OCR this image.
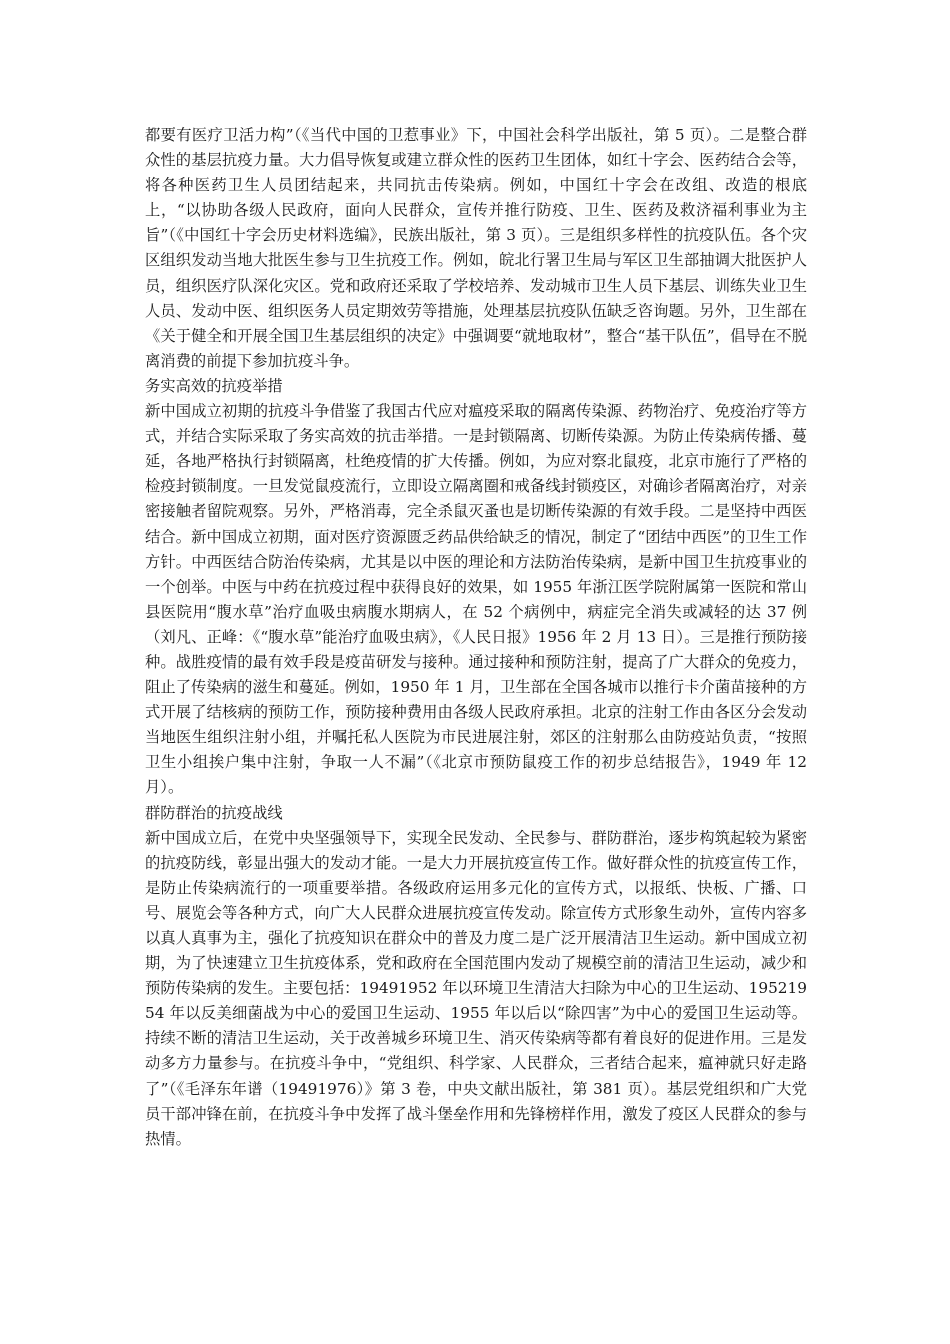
都要有医疗卫活力构”（《当代中国的卫惹事业》下，中国社会科学出版社，第 5 页）。二是整合群众性的基层抗疫力量。大力倡导恢复或建立群众性的医药卫生团体，如红十字会、医药结合会等，将各种医药卫生人员团结起来，共同抗击传染病。例如，中国红十字会在改组、改造的根底上，“以协助各级人民政府，面向人民群众，宣传并推行防疫、卫生、医药及救济福利事业为主旨”（《中国红十字会历史材料选编》，民族出版社，第 3 页）。三是组织多样性的抗疫队伍。各个灾区组织发动当地大批医生参与卫生抗疫工作。例如，皖北行署卫生局与军区卫生部抽调大批医护人员，组织医疗队深化灾区。党和政府还采取了学校培养、发动城市卫生人员下基层、训练失业卫生人员、发动中医、组织医务人员定期效劳等措施，处理基层抗疫队伍缺乏咨询题。另外，卫生部在《关于健全和开展全国卫生基层组织的决定》中强调要“就地取材”，整合“基干队伍”，倡导在不脱离消费的前提下参加抗疫斗争。

务实高效的抗疫举措

新中国成立初期的抗疫斗争借鉴了我国古代应对瘟疫采取的隔离传染源、药物治疗、免疫治疗等方式，并结合实际采取了务实高效的抗击举措。一是封锁隔离、切断传染源。为防止传染病传播、蔓延，各地严格执行封锁隔离，杜绝疫情的扩大传播。例如，为应对察北鼠疫，北京市施行了严格的检疫封锁制度。一旦发觉鼠疫流行，立即设立隔离圈和戒备线封锁疫区，对确诊者隔离治疗，对亲密接触者留院观察。另外，严格消毒，完全杀鼠灭蚤也是切断传染源的有效手段。二是坚持中西医结合。新中国成立初期，面对医疗资源匮乏药品供给缺乏的情况，制定了“团结中西医”的卫生工作方针。中西医结合防治传染病，尤其是以中医的理论和方法防治传染病，是新中国卫生抗疫事业的一个创举。中医与中药在抗疫过程中获得良好的效果，如 1955 年浙江医学院附属第一医院和常山县医院用“腹水草”治疗血吸虫病腹水期病人，在 52 个病例中，病症完全消失或减轻的达 37 例（刘凡、正峰：《“腹水草”能治疗血吸虫病》，《人民日报》1956 年 2 月 13 日）。三是推行预防接种。战胜疫情的最有效手段是疫苗研发与接种。通过接种和预防注射，提高了广大群众的免疫力，阻止了传染病的滋生和蔓延。例如，1950 年 1 月，卫生部在全国各城市以推行卡介菌苗接种的方式开展了结核病的预防工作，预防接种费用由各级人民政府承担。北京的注射工作由各区分会发动当地医生组织注射小组，并嘱托私人医院为市民进展注射，郊区的注射那么由防疫站负责，“按照卫生小组挨户集中注射，争取一人不漏”（《北京市预防鼠疫工作的初步总结报告》，1949 年 12 月）。

群防群治的抗疫战线

新中国成立后，在党中央坚强领导下，实现全民发动、全民参与、群防群治，逐步构筑起较为紧密的抗疫防线，彰显出强大的发动才能。一是大力开展抗疫宣传工作。做好群众性的抗疫宣传工作，是防止传染病流行的一项重要举措。各级政府运用多元化的宣传方式，以报纸、快板、广播、口号、展览会等各种方式，向广大人民群众进展抗疫宣传发动。除宣传方式形象生动外，宣传内容多以真人真事为主，强化了抗疫知识在群众中的普及力度二是广泛开展清洁卫生运动。新中国成立初期，为了快速建立卫生抗疫体系，党和政府在全国范围内发动了规模空前的清洁卫生运动，减少和预防传染病的发生。主要包括：19491952 年以环境卫生清洁大扫除为中心的卫生运动、19521954 年以反美细菌战为中心的爱国卫生运动、1955 年以后以“除四害”为中心的爱国卫生运动等。持续不断的清洁卫生运动，关于改善城乡环境卫生、消灭传染病等都有着良好的促进作用。三是发动多方力量参与。在抗疫斗争中，“党组织、科学家、人民群众，三者结合起来，瘟神就只好走路了”（《毛泽东年谱（19491976）》第 3 卷，中央文献出版社，第 381 页）。基层党组织和广大党员干部冲锋在前，在抗疫斗争中发挥了战斗堡垒作用和先锋榜样作用，激发了疫区人民群众的参与热情。
